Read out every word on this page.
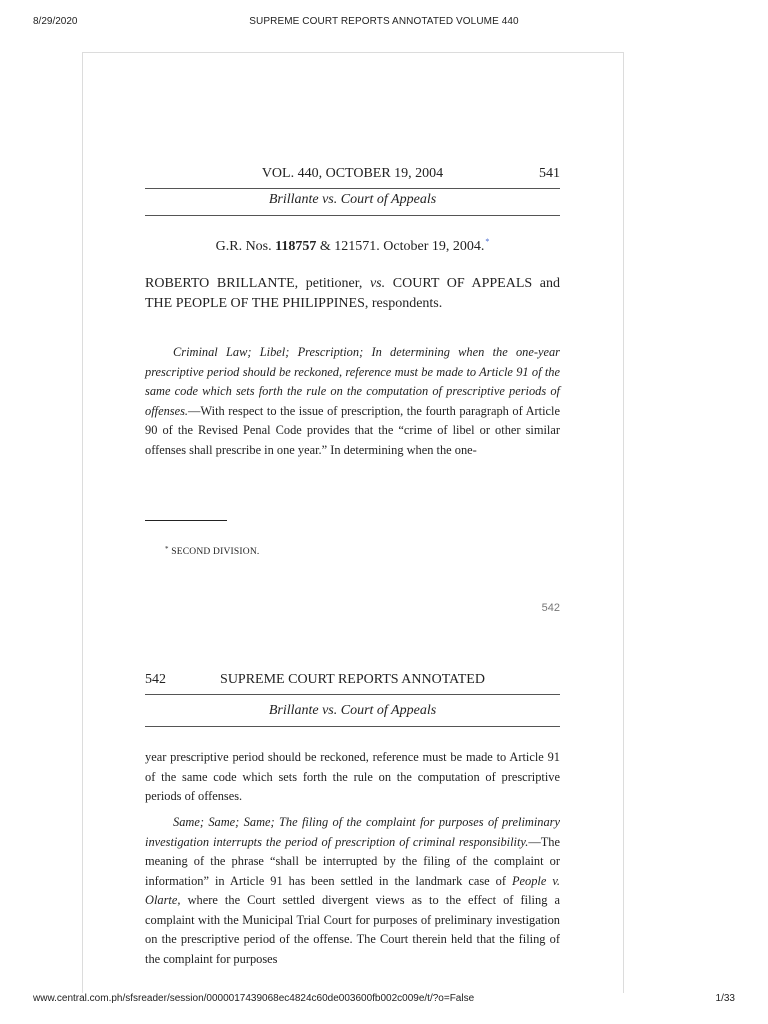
8/29/2020	SUPREME COURT REPORTS ANNOTATED VOLUME 440
VOL. 440, OCTOBER 19, 2004	541
Brillante vs. Court of Appeals
G.R. Nos. 118757 & 121571. October 19, 2004.*
ROBERTO BRILLANTE, petitioner, vs. COURT OF APPEALS and THE PEOPLE OF THE PHILIPPINES, respondents.
Criminal Law; Libel; Prescription; In determining when the one-year prescriptive period should be reckoned, reference must be made to Article 91 of the same code which sets forth the rule on the computation of prescriptive periods of offenses.—With respect to the issue of prescription, the fourth paragraph of Article 90 of the Revised Penal Code provides that the “crime of libel or other similar offenses shall prescribe in one year.” In determining when the one-
* SECOND DIVISION.
542
542	SUPREME COURT REPORTS ANNOTATED
Brillante vs. Court of Appeals
year prescriptive period should be reckoned, reference must be made to Article 91 of the same code which sets forth the rule on the computation of prescriptive periods of offenses.
Same; Same; Same; The filing of the complaint for purposes of preliminary investigation interrupts the period of prescription of criminal responsibility.—The meaning of the phrase “shall be interrupted by the filing of the complaint or information” in Article 91 has been settled in the landmark case of People v. Olarte, where the Court settled divergent views as to the effect of filing a complaint with the Municipal Trial Court for purposes of preliminary investigation on the prescriptive period of the offense. The Court therein held that the filing of the complaint for purposes
www.central.com.ph/sfsreader/session/0000017439068ec4824c60de003600fb002c009e/t/?o=False	1/33
